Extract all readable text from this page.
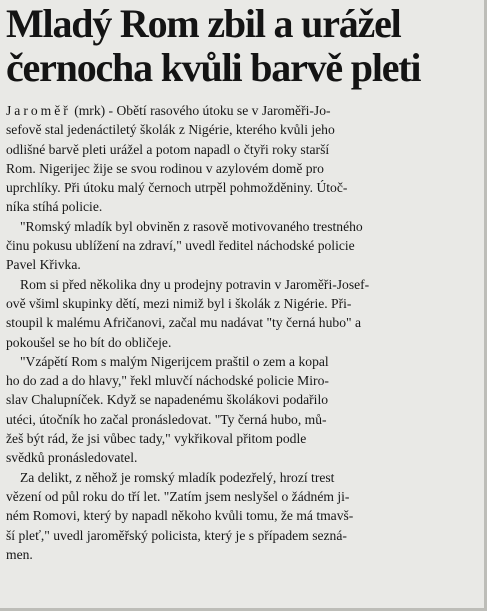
Mladý Rom zbil a urážel
černocha kvůli barvě pleti
Jaroměř (mrk) - Obětí rasového útoku se v Jaroměři-Jo-
sefově stal jedenáctiletý školák z Nigérie, kterého kvůli jeho
odlišné barvě pleti urážel a potom napadl o čtyři roky starší
Rom. Nigerijec žije se svou rodinou v azylovém domě pro
uprchlíky. Při útoku malý černoch utrpěl pohmožděniny. Útoč-
níka stíhá policie.
"Romský mladík byl obviněn z rasově motivovaného trestného
činu pokusu ublížení na zdraví," uvedl ředitel náchodské policie
Pavel Křivka.
Rom si před několika dny u prodejny potravin v Jaroměři-Josef-
ově všiml skupinky dětí, mezi nimiž byl i školák z Nigérie. Při-
stoupil k malému Afričanovi, začal mu nadávat "ty černá hubo" a
pokoušel se ho bít do obličeje.
"Vzápětí Rom s malým Nigerijcem praštil o zem a kopal
ho do zad a do hlavy," řekl mluvčí náchodské policie Miro-
slav Chalupníček. Když se napadenému školákovi podařilo
utéci, útočník ho začal pronásledovat. "Ty černá hubo, mů-
žeš být rád, že jsi vůbec tady," vykřikoval přitom podle
svědků pronásledovatel.
Za delikt, z něhož je romský mladík podezřelý, hrozí trest
vězení od půl roku do tří let. "Zatím jsem neslyšel o žádném ji-
ném Romovi, který by napadl někoho kvůli tomu, že má tmavš-
ší pleť," uvedl jaroměřský policista, který je s případem sezná-
men.
